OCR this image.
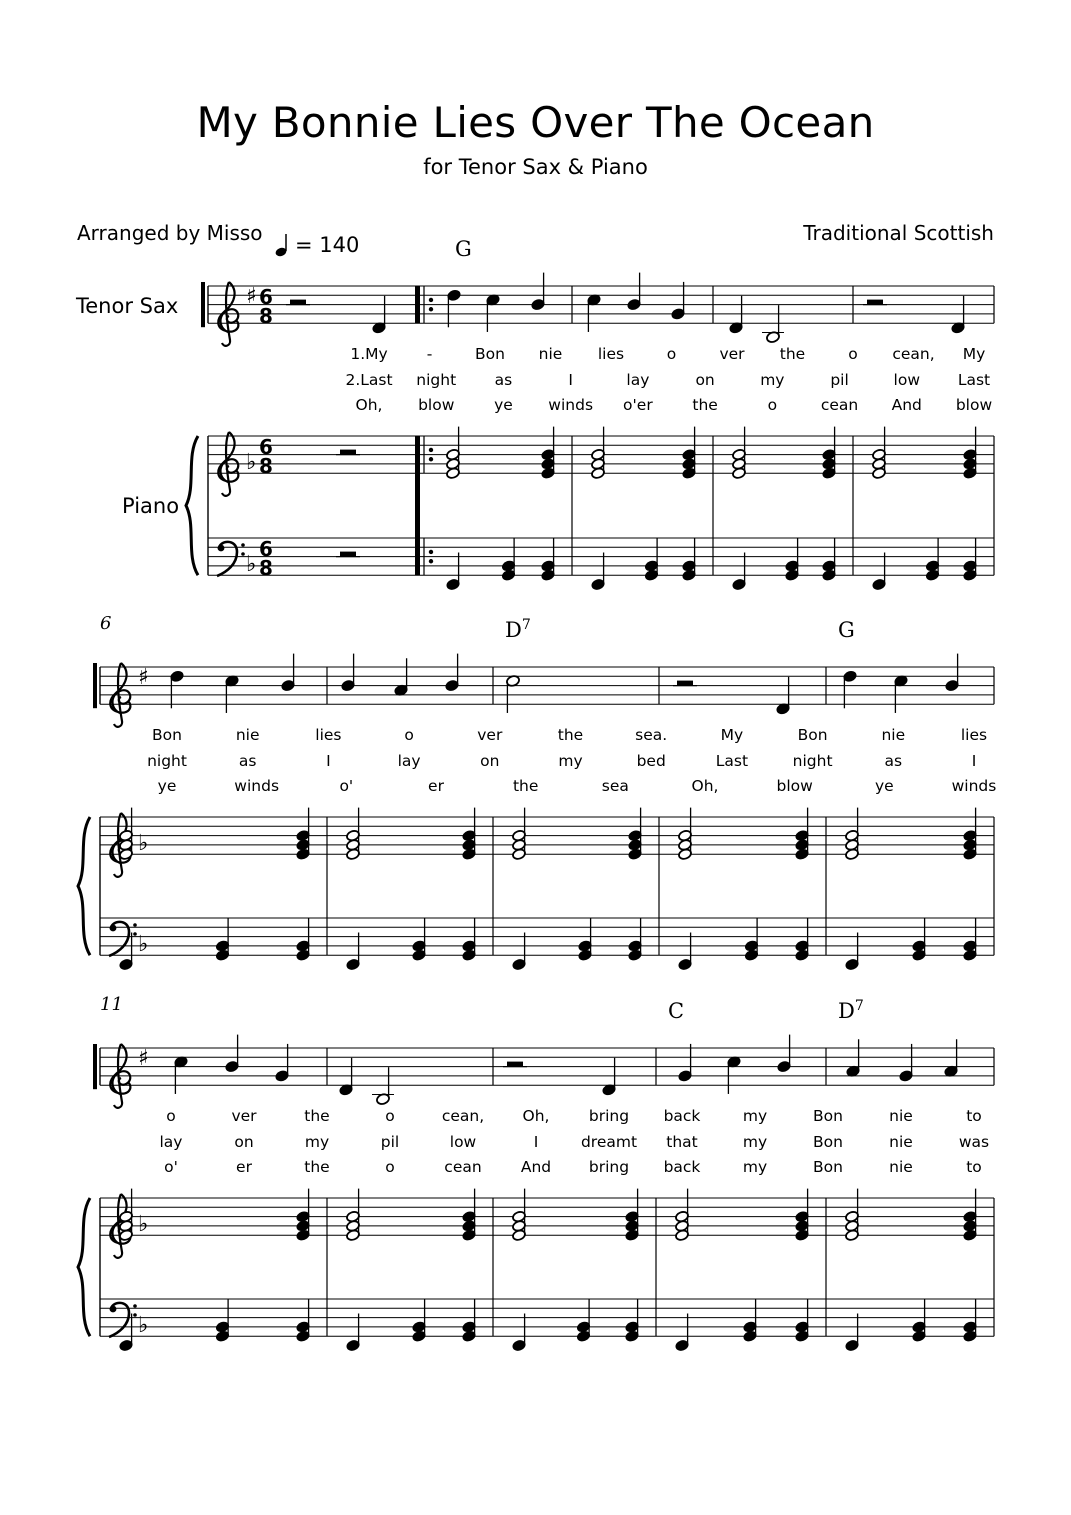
My Bonnie Lies Over The Ocean
for Tenor Sax & Piano
Arranged by Misso	Traditional Scottish
= 140
Tenor Sax
Piano
♯
♭
♭
6
8
6
8
6
8
G
1.My	-	Bon nie lies	o	ver the	o cean, My
2.Last night as	I	lay	on	my	pil	low Last
Oh, blow	ye winds o'er	the	o	cean And blow
♯
♭
♭
6	$D^7$	G
Bon	nie	lies	o	ver	the	sea.	My	Bon	nie	lies
night	as	I	lay	on	my	bed	Last	night	as	I
ye	winds	o'	er	the	sea	Oh,	blow	ye	winds
♯
♭
♭
11	C	$D^7$
o	ver	the	o	cean, Oh,	bring back	my	Bon	nie	to
lay	on	my	pil	low	I	dreamt that	my	Bon	nie	was
o'	er	the	o	cean	And bring back	my	Bon	nie	to
